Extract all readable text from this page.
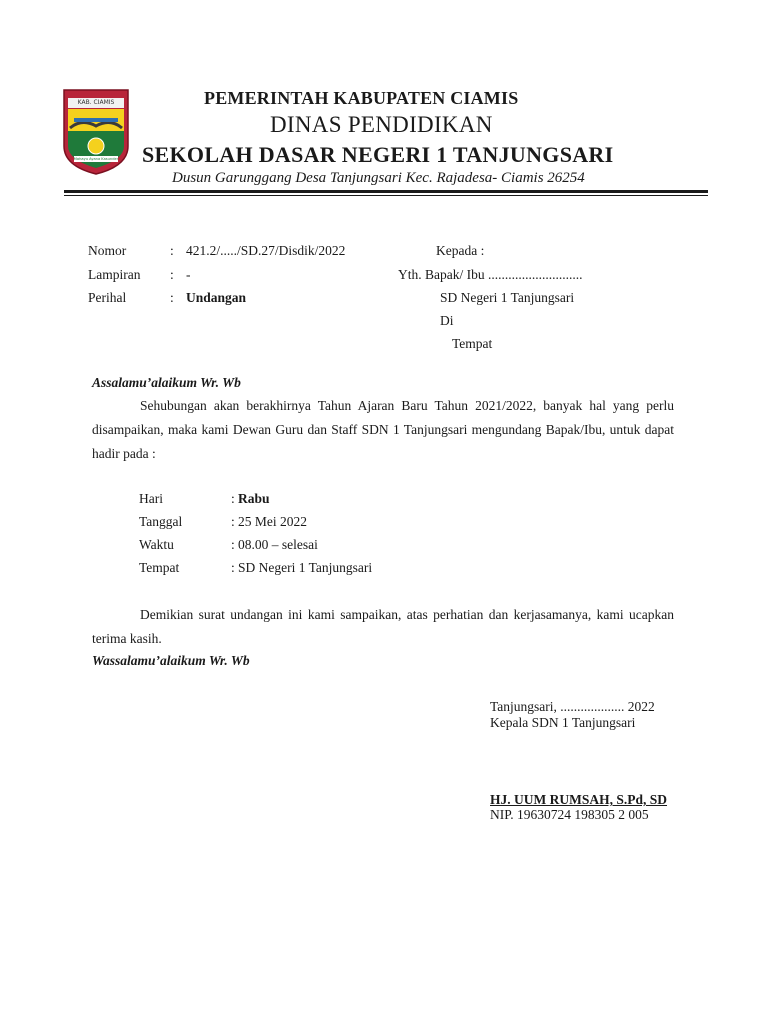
KAB. CIAMIS
Mahayu Ayana Kasunder
PEMERINTAH KABUPATEN CIAMIS
DINAS PENDIDIKAN
SEKOLAH DASAR NEGERI 1 TANJUNGSARI
Dusun Garunggang Desa Tanjungsari Kec. Rajadesa- Ciamis 26254
Nomor	: 421.2/...../SD.27/Disdik/2022
Lampiran : -
Perihal	: Undangan
Kepada :
Yth. Bapak/ Ibu ............................
SD Negeri 1 Tanjungsari
Di
Tempat
Assalamu’alaikum Wr. Wb
Sehubungan akan berakhirnya Tahun Ajaran Baru Tahun 2021/2022, banyak hal yang perlu disampaikan, maka kami Dewan Guru dan Staff SDN 1 Tanjungsari mengundang Bapak/Ibu, untuk dapat hadir pada :
Hari	: Rabu
Tanggal	: 25 Mei 2022
Waktu	: 08.00 – selesai
Tempat	: SD Negeri 1 Tanjungsari
Demikian surat undangan ini kami sampaikan, atas perhatian dan kerjasamanya, kami ucapkan terima kasih.
Wassalamu’alaikum Wr. Wb
Tanjungsari, ................... 2022
Kepala SDN 1 Tanjungsari
HJ. UUM RUMSAH, S.Pd, SD
NIP. 19630724 198305 2 005
